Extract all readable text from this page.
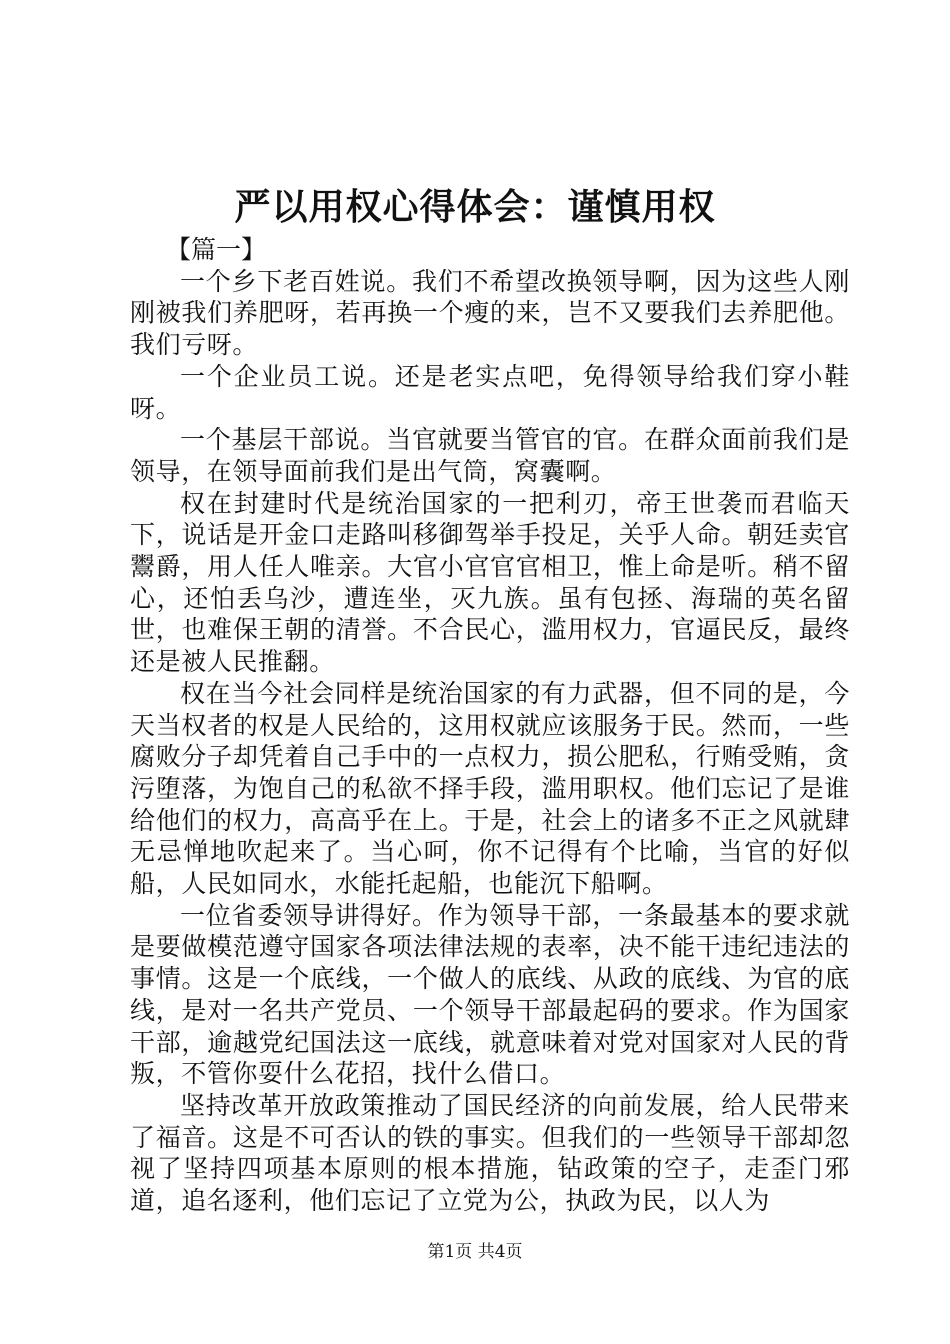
严以用权心得体会：谨慎用权

【篇一】

一个乡下老百姓说。我们不希望改换领导啊，因为这些人刚刚被我们养肥呀，若再换一个瘦的来，岂不又要我们去养肥他。我们亏呀。

一个企业员工说。还是老实点吧，免得领导给我们穿小鞋呀。

一个基层干部说。当官就要当管官的官。在群众面前我们是领导，在领导面前我们是出气筒，窝囊啊。

权在封建时代是统治国家的一把利刃，帝王世袭而君临天下，说话是开金口走路叫移御驾举手投足，关乎人命。朝廷卖官鬻爵，用人任人唯亲。大官小官官官相卫，惟上命是听。稍不留心，还怕丢乌沙，遭连坐，灭九族。虽有包拯、海瑞的英名留世，也难保王朝的清誉。不合民心，滥用权力，官逼民反，最终还是被人民推翻。

权在当今社会同样是统治国家的有力武器，但不同的是，今天当权者的权是人民给的，这用权就应该服务于民。然而，一些腐败分子却凭着自己手中的一点权力，损公肥私，行贿受贿，贪污堕落，为饱自己的私欲不择手段，滥用职权。他们忘记了是谁给他们的权力，高高乎在上。于是，社会上的诸多不正之风就肆无忌惮地吹起来了。当心呵，你不记得有个比喻，当官的好似船，人民如同水，水能托起船，也能沉下船啊。

一位省委领导讲得好。作为领导干部，一条最基本的要求就是要做模范遵守国家各项法律法规的表率，决不能干违纪违法的事情。这是一个底线，一个做人的底线、从政的底线、为官的底线，是对一名共产党员、一个领导干部最起码的要求。作为国家干部，逾越党纪国法这一底线，就意味着对党对国家对人民的背叛，不管你耍什么花招，找什么借口。

坚持改革开放政策推动了国民经济的向前发展，给人民带来了福音。这是不可否认的铁的事实。但我们的一些领导干部却忽视了坚持四项基本原则的根本措施，钻政策的空子，走歪门邪道，追名逐利，他们忘记了立党为公，执政为民，以人为

第1页 共4页
